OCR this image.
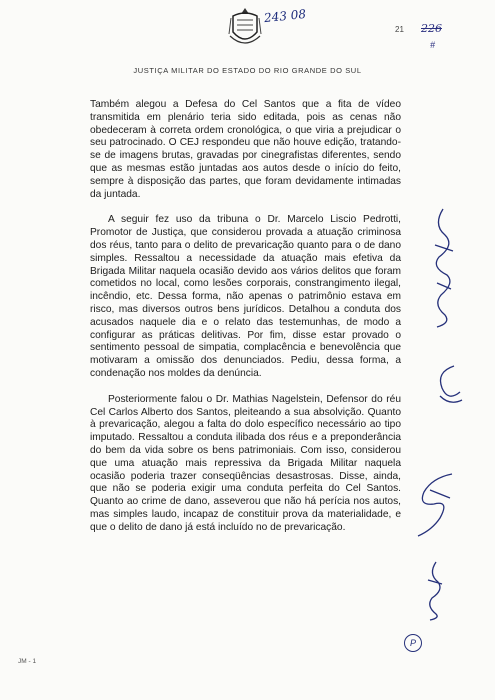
243 08
21 226
#
JUSTIÇA MILITAR DO ESTADO DO RIO GRANDE DO SUL

Também alegou a Defesa do Cel Santos que a fita de vídeo transmitida em plenário teria sido editada, pois as cenas não obedeceram à correta ordem cronológica, o que viria a prejudicar o seu patrocinado. O CEJ respondeu que não houve edição, tratando-se de imagens brutas, gravadas por cinegrafistas diferentes, sendo que as mesmas estão juntadas aos autos desde o início do feito, sempre à disposição das partes, que foram devidamente intimadas da juntada.

A seguir fez uso da tribuna o Dr. Marcelo Lisciо Pedrotti, Promotor de Justiça, que considerou provada a atuação criminosa dos réus, tanto para o delito de prevaricação quanto para o de dano simples. Ressaltou a necessidade da atuação mais efetiva da Brigada Militar naquela ocasião devido aos vários delitos que foram cometidos no local, como lesões corporais, constrangimento ilegal, incêndio, etc. Dessa forma, não apenas o patrimônio estava em risco, mas diversos outros bens jurídicos. Detalhou a conduta dos acusados naquele dia e o relato das testemunhas, de modo a configurar as práticas delitivas. Por fim, disse estar provado o sentimento pessoal de simpatia, complacência e benevolência que motivaram a omissão dos denunciados. Pediu, dessa forma, a condenação nos moldes da denúncia.

Posteriormente falou o Dr. Mathias Nagelstein, Defensor do réu Cel Carlos Alberto dos Santos, pleiteando a sua absolvição. Quanto à prevaricação, alegou a falta do dolo específico necessário ao tipo imputado. Ressaltou a conduta ilibada dos réus e a preponderância do bem da vida sobre os bens patrimoniais. Com isso, considerou que uma atuação mais repressiva da Brigada Militar naquela ocasião poderia trazer conseqüências desastrosas. Disse, ainda, que não se poderia exigir uma conduta perfeita do Cel Santos. Quanto ao crime de dano, asseverou que não há perícia nos autos, mas simples laudo, incapaz de constituir prova da materialidade, e que o delito de dano já está incluído no de prevaricação.

P
JM - 1
